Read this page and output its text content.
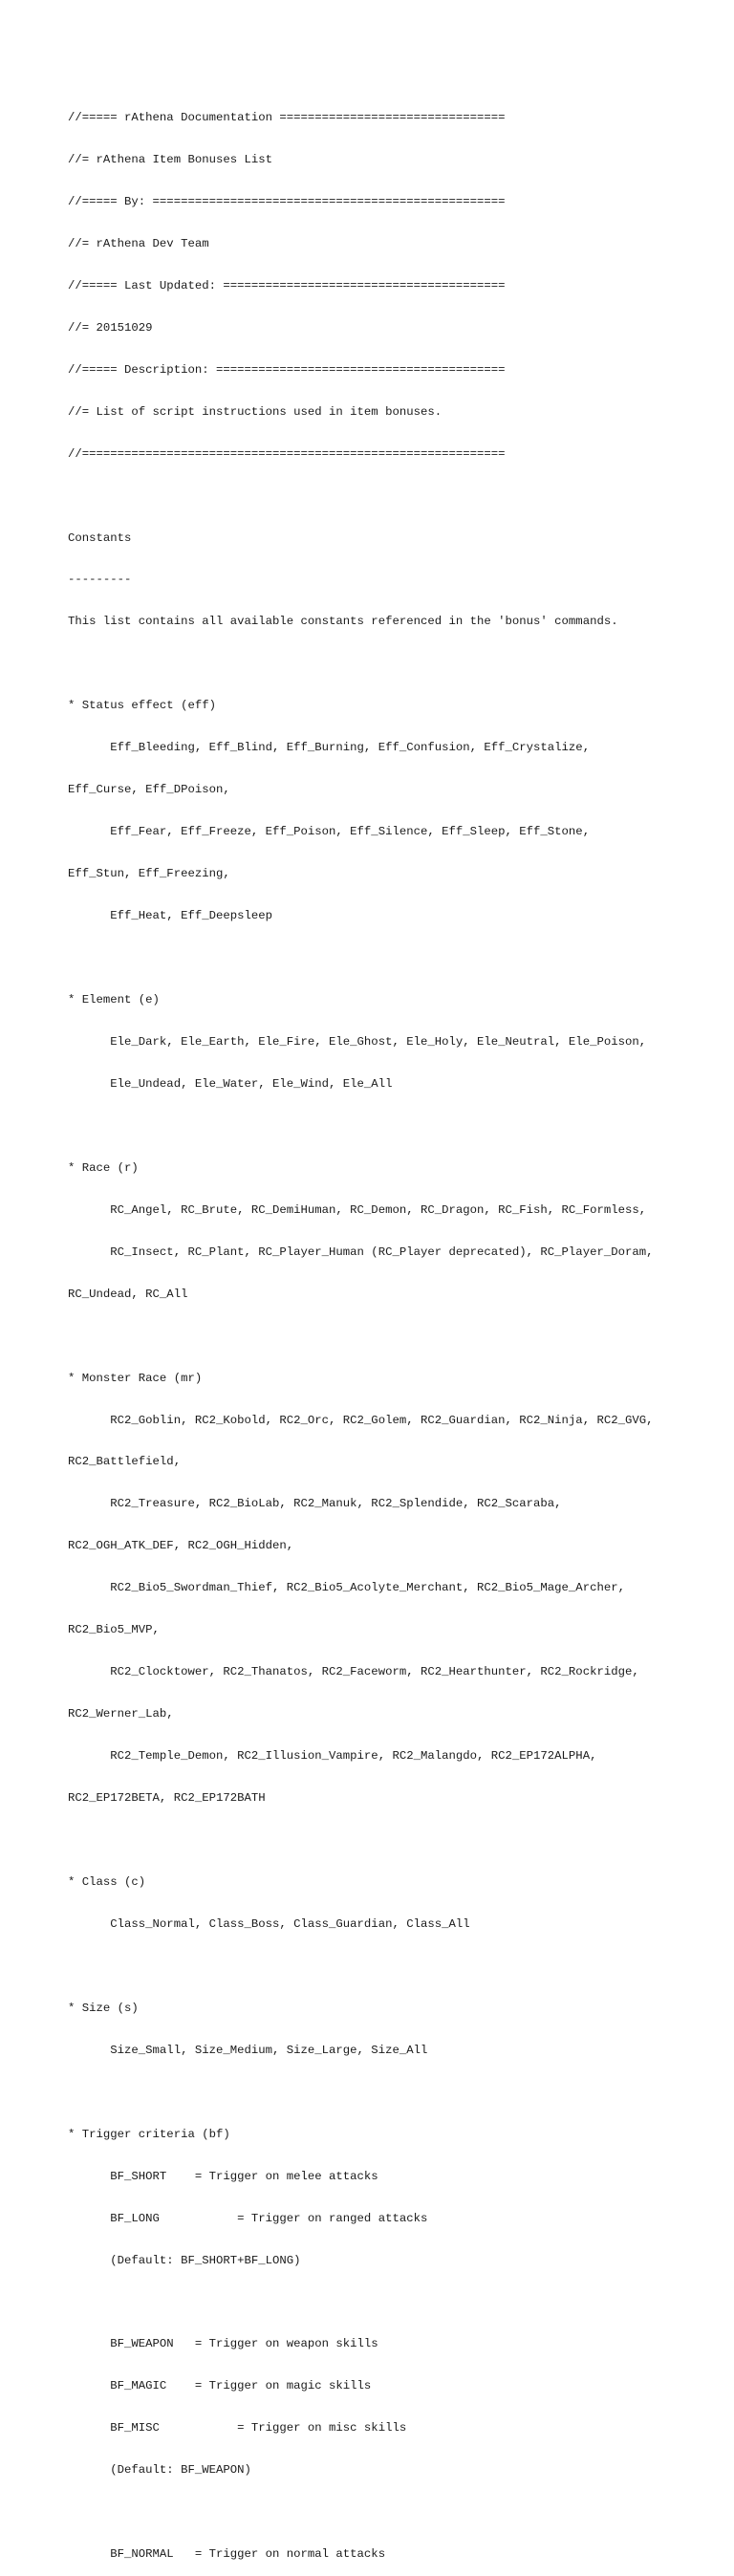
//===== rAthena Documentation ================================

//= rAthena Item Bonuses List

//===== By: ==================================================

//= rAthena Dev Team

//===== Last Updated: ========================================

//= 20151029

//===== Description: =========================================

//= List of script instructions used in item bonuses.

//============================================================

Constants

---------

This list contains all available constants referenced in the 'bonus' commands.

* Status effect (eff)

Eff_Bleeding, Eff_Blind, Eff_Burning, Eff_Confusion, Eff_Crystalize,

Eff_Curse, Eff_DPoison,

Eff_Fear, Eff_Freeze, Eff_Poison, Eff_Silence, Eff_Sleep, Eff_Stone,

Eff_Stun, Eff_Freezing,

Eff_Heat, Eff_Deepsleep

* Element (e)

Ele_Dark, Ele_Earth, Ele_Fire, Ele_Ghost, Ele_Holy, Ele_Neutral, Ele_Poison,

Ele_Undead, Ele_Water, Ele_Wind, Ele_All

* Race (r)

RC_Angel, RC_Brute, RC_DemiHuman, RC_Demon, RC_Dragon, RC_Fish, RC_Formless,

RC_Insect, RC_Plant, RC_Player_Human (RC_Player deprecated), RC_Player_Doram,

RC_Undead, RC_All

* Monster Race (mr)

RC2_Goblin, RC2_Kobold, RC2_Orc, RC2_Golem, RC2_Guardian, RC2_Ninja, RC2_GVG,

RC2_Battlefield,

RC2_Treasure, RC2_BioLab, RC2_Manuk, RC2_Splendide, RC2_Scaraba,

RC2_OGH_ATK_DEF, RC2_OGH_Hidden,

RC2_Bio5_Swordman_Thief, RC2_Bio5_Acolyte_Merchant, RC2_Bio5_Mage_Archer,

RC2_Bio5_MVP,

RC2_Clocktower, RC2_Thanatos, RC2_Faceworm, RC2_Hearthunter, RC2_Rockridge,

RC2_Werner_Lab,

RC2_Temple_Demon, RC2_Illusion_Vampire, RC2_Malangdo, RC2_EP172ALPHA,

RC2_EP172BETA, RC2_EP172BATH

* Class (c)

Class_Normal, Class_Boss, Class_Guardian, Class_All

* Size (s)

Size_Small, Size_Medium, Size_Large, Size_All

* Trigger criteria (bf)

BF_SHORT    = Trigger on melee attacks

BF_LONG           = Trigger on ranged attacks

(Default: BF_SHORT+BF_LONG)

BF_WEAPON   = Trigger on weapon skills

BF_MAGIC    = Trigger on magic skills

BF_MISC           = Trigger on misc skills

(Default: BF_WEAPON)

BF_NORMAL   = Trigger on normal attacks
